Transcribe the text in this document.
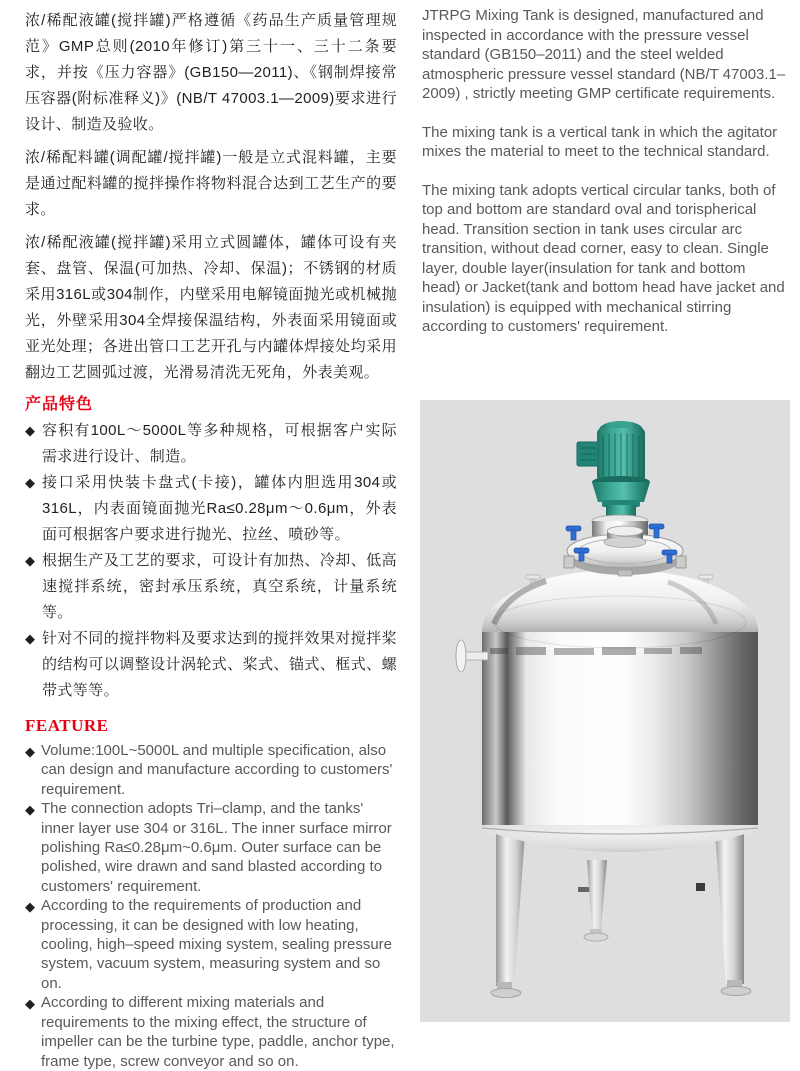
浓/稀配液罐(搅拌罐)严格遵循《药品生产质量管理规范》GMP总则(2010年修订)第三十一、三十二条要求，并按《压力容器》(GB150—2011)、《钢制焊接常压容器(附标准释义)》(NB/T 47003.1—2009)要求进行设计、制造及验收。

浓/稀配料罐(调配罐/搅拌罐)一般是立式混料罐，主要是通过配料罐的搅拌操作将物料混合达到工艺生产的要求。

浓/稀配液罐(搅拌罐)采用立式圆罐体，罐体可设有夹套、盘管、保温(可加热、冷却、保温)；不锈钢的材质采用316L或304制作，内壁采用电解镜面抛光或机械抛光，外壁采用304全焊接保温结构，外表面采用镜面或亚光处理；各进出管口工艺开孔与内罐体焊接处均采用翻边工艺圆弧过渡，光滑易清洗无死角，外表美观。

产品特色
◆ 容积有100L～5000L等多种规格，可根据客户实际需求进行设计、制造。
◆ 接口采用快装卡盘式(卡接)，罐体内胆选用304或316L，内表面镜面抛光Ra≤0.28μm～0.6μm，外表面可根据客户要求进行抛光、拉丝、喷砂等。
◆ 根据生产及工艺的要求，可设计有加热、冷却、低高速搅拌系统，密封承压系统，真空系统，计量系统等。
◆ 针对不同的搅拌物料及要求达到的搅拌效果对搅拌桨的结构可以调整设计涡轮式、桨式、锚式、框式、螺带式等等。
FEATURE
◆ Volume:100L~5000L and multiple specification, also can design and manufacture according to customers' requirement.
◆ The connection adopts Tri–clamp, and the tanks' inner layer use 304 or 316L. The inner surface mirror polishing Ra≤0.28μm~0.6μm. Outer surface can be polished, wire drawn and sand blasted according to customers' requirement.
◆ According to the requirements of production and processing, it can be designed with low heating, cooling, high–speed mixing system, sealing pressure system, vacuum system, measuring system and so on.
◆ According to different mixing materials and requirements to the mixing effect, the structure of impeller can be the turbine type, paddle, anchor type, frame type, screw conveyor and so on.

JTRPG Mixing Tank is designed, manufactured and inspected in accordance with the pressure vessel standard (GB150–2011) and the steel welded atmospheric pressure vessel standard (NB/T 47003.1–2009) , strictly meeting GMP certificate requirements.

The mixing tank is a vertical tank in which the agitator mixes the material to meet to the technical standard.

The mixing tank adopts vertical circular tanks, both of top and bottom are standard oval and torispherical head. Transition section in tank uses circular arc transition, without dead corner, easy to clean. Single layer, double layer(insulation for tank and bottom head) or Jacket(tank and bottom head have jacket and insulation) is equipped with mechanical stirring according to customers' requirement.
